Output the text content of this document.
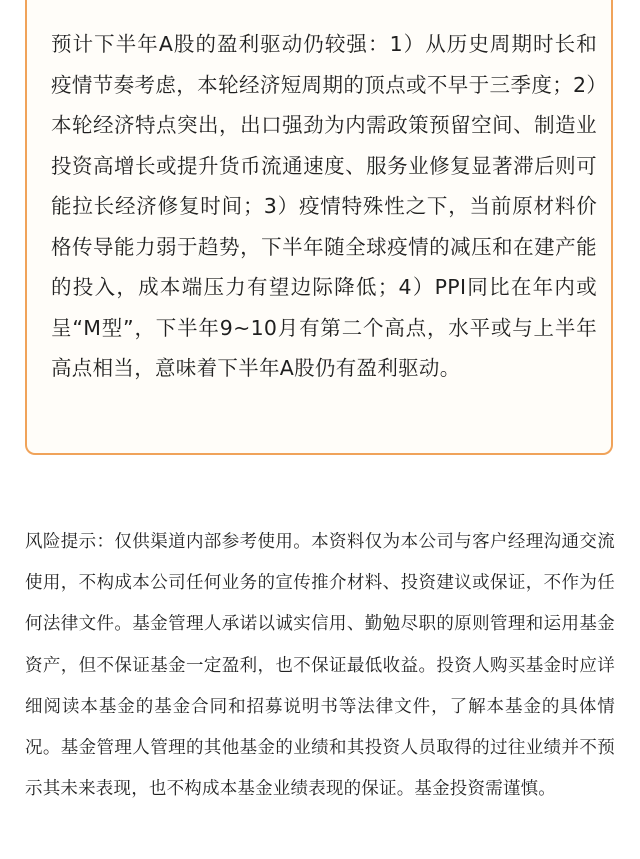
预计下半年A股的盈利驱动仍较强：1）从历史周期时长和疫情节奏考虑，本轮经济短周期的顶点或不早于三季度；2）本轮经济特点突出，出口强劲为内需政策预留空间、制造业投资高增长或提升货币流通速度、服务业修复显著滞后则可能拉长经济修复时间；3）疫情特殊性之下，当前原材料价格传导能力弱于趋势，下半年随全球疫情的减压和在建产能的投入，成本端压力有望边际降低；4）PPI同比在年内或呈“M型”，下半年9~10月有第二个高点，水平或与上半年高点相当，意味着下半年A股仍有盈利驱动。

风险提示：仅供渠道内部参考使用。本资料仅为本公司与客户经理沟通交流使用，不构成本公司任何业务的宣传推介材料、投资建议或保证，不作为任何法律文件。基金管理人承诺以诚实信用、勤勉尽职的原则管理和运用基金资产，但不保证基金一定盈利，也不保证最低收益。投资人购买基金时应详细阅读本基金的基金合同和招募说明书等法律文件，了解本基金的具体情况。基金管理人管理的其他基金的业绩和其投资人员取得的过往业绩并不预示其未来表现，也不构成本基金业绩表现的保证。基金投资需谨慎。
